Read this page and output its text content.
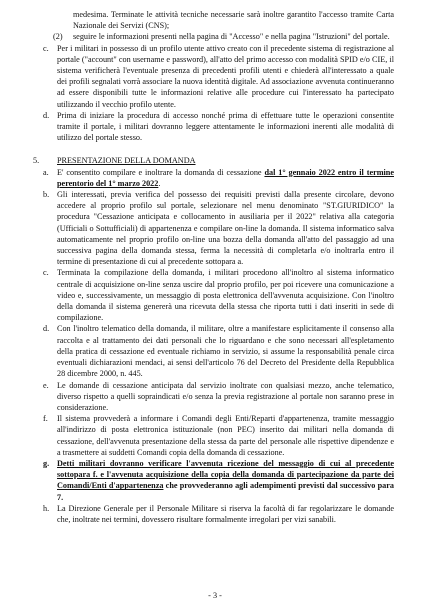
medesima. Terminate le attività tecniche necessarie sarà inoltre garantito l'accesso tramite Carta Nazionale dei Servizi (CNS);
(2)	seguire le informazioni presenti nella pagina di "Accesso" e nella pagina "Istruzioni" del portale.
c.	Per i militari in possesso di un profilo utente attivo creato con il precedente sistema di registrazione al portale ("account" con username e password), all'atto del primo accesso con modalità SPID e/o CIE, il sistema verificherà l'eventuale presenza di precedenti profili utenti e chiederà all'interessato a quale dei profili segnalati vorrà associare la nuova identità digitale. Ad associazione avvenuta continueranno ad essere disponibili tutte le informazioni relative alle procedure cui l'interessato ha partecipato utilizzando il vecchio profilo utente.
d. Prima di iniziare la procedura di accesso nonché prima di effettuare tutte le operazioni consentite tramite il portale, i militari dovranno leggere attentamente le informazioni inerenti alle modalità di utilizzo del portale stesso.
5.	PRESENTAZIONE DELLA DOMANDA
a.	E' consentito compilare e inoltrare la domanda di cessazione dal 1° gennaio 2022 entro il termine perentorio del 1° marzo 2022.
b. Gli interessati, previa verifica del possesso dei requisiti previsti dalla presente circolare, devono accedere al proprio profilo sul portale, selezionare nel menu denominato "ST.GIURIDICO" la procedura "Cessazione anticipata e collocamento in ausiliaria per il 2022" relativa alla categoria (Ufficiali o Sottufficiali) di appartenenza e compilare on-line la domanda. Il sistema informatico salva automaticamente nel proprio profilo on-line una bozza della domanda all'atto del passaggio ad una successiva pagina della domanda stessa, ferma la necessità di completarla e/o inoltrarla entro il termine di presentazione di cui al precedente sottopara a.
c.	Terminata la compilazione della domanda, i militari procedono all'inoltro al sistema informatico centrale di acquisizione on-line senza uscire dal proprio profilo, per poi ricevere una comunicazione a video e, successivamente, un messaggio di posta elettronica dell'avvenuta acquisizione. Con l'inoltro della domanda il sistema genererà una ricevuta della stessa che riporta tutti i dati inseriti in sede di compilazione.
d. Con l'inoltro telematico della domanda, il militare, oltre a manifestare esplicitamente il consenso alla raccolta e al trattamento dei dati personali che lo riguardano e che sono necessari all'espletamento della pratica di cessazione ed eventuale richiamo in servizio, si assume la responsabilità penale circa eventuali dichiarazioni mendaci, ai sensi dell'articolo 76 del Decreto del Presidente della Repubblica 28 dicembre 2000, n. 445.
e.	Le domande di cessazione anticipata dal servizio inoltrate con qualsiasi mezzo, anche telematico, diverso rispetto a quelli sopraindicati e/o senza la previa registrazione al portale non saranno prese in considerazione.
f.	Il sistema provvederà a informare i Comandi degli Enti/Reparti d'appartenenza, tramite messaggio all'indirizzo di posta elettronica istituzionale (non PEC) inserito dai militari nella domanda di cessazione, dell'avvenuta presentazione della stessa da parte del personale alle rispettive dipendenze e a trasmettere ai suddetti Comandi copia della domanda di cessazione.
g. Detti militari dovranno verificare l'avvenuta ricezione del messaggio di cui al precedente sottopara f. e l'avvenuta acquisizione della copia della domanda di partecipazione da parte dei Comandi/Enti d'appartenenza che provvederanno agli adempimenti previsti dal successivo para 7.
h. La Direzione Generale per il Personale Militare si riserva la facoltà di far regolarizzare le domande che, inoltrate nei termini, dovessero risultare formalmente irregolari per vizi sanabili.
- 3 -
